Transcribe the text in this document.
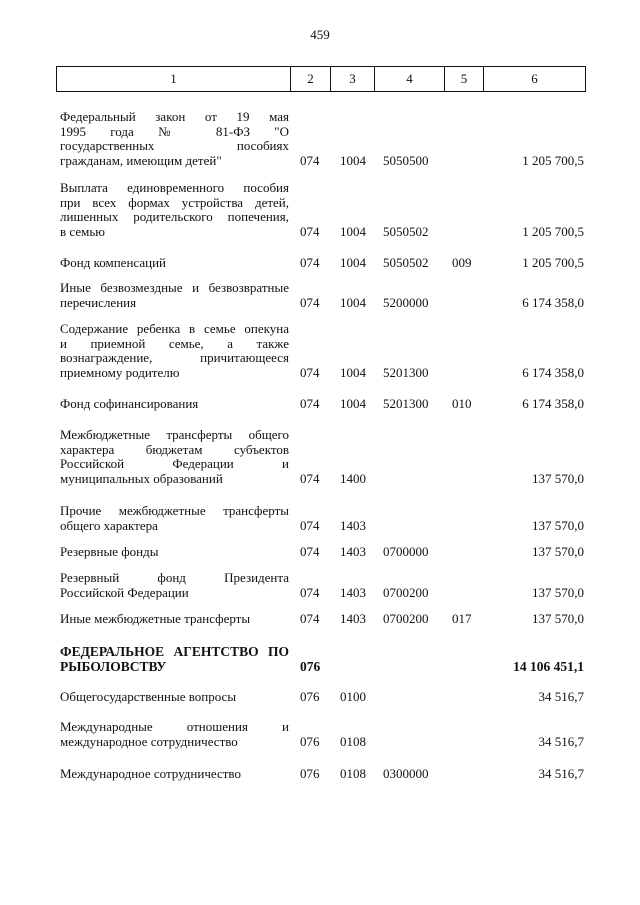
459
1	2	3	4	5	6
Федеральный закон от 19 мая
1995 года № 81-ФЗ "О
государственных пособиях
гражданам, имеющим детей"	074 1004 5050500	1 205 700,5
Выплата единовременного пособия
при всех формах устройства детей,
лишенных родительского попечения,
в семью	074 1004 5050502	1 205 700,5
Фонд компенсаций	074 1004 5050502 009	1 205 700,5
Иные безвозмездные и безвозвратные
перечисления	074 1004 5200000	6 174 358,0
Содержание ребенка в семье опекуна
и приемной семье, а также
вознаграждение, причитающееся
приемному родителю	074 1004 5201300	6 174 358,0
Фонд софинансирования	074 1004 5201300 010	6 174 358,0
Межбюджетные трансферты общего
характера бюджетам субъектов
Российской Федерации и
муниципальных образований	074 1400	137 570,0
Прочие межбюджетные трансферты
общего характера	074 1403	137 570,0
Резервные фонды	074 1403 0700000	137 570,0
Резервный фонд Президента
Российской Федерации	074 1403 0700200	137 570,0
Иные межбюджетные трансферты	074 1403 0700200 017	137 570,0
ФЕДЕРАЛЬНОЕ АГЕНТСТВО ПО
РЫБОЛОВСТВУ	076	14 106 451,1
Общегосударственные вопросы	076 0100	34 516,7
Международные отношения и
международное сотрудничество	076 0108	34 516,7
Международное сотрудничество	076 0108 0300000	34 516,7
